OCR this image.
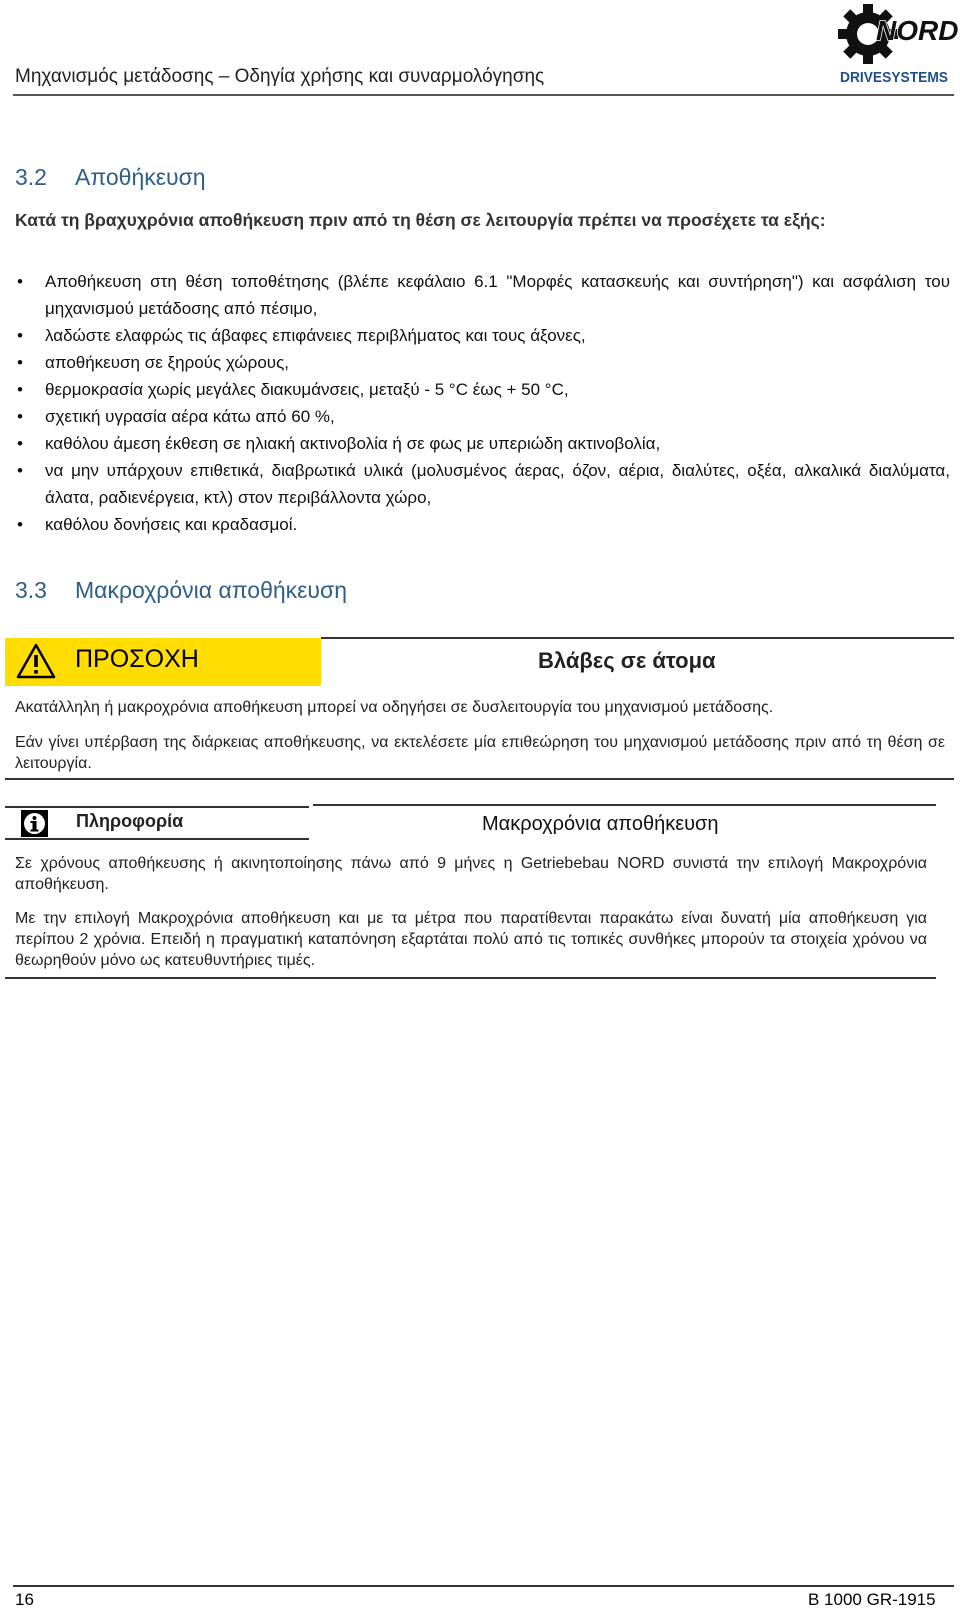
Μηχανισμός μετάδοσης – Οδηγία χρήσης και συναρμολόγησης
NORD
DRIVESYSTEMS
3.2 Αποθήκευση
Κατά τη βραχυχρόνια αποθήκευση πριν από τη θέση σε λειτουργία πρέπει να προσέχετε τα εξής:
• Αποθήκευση στη θέση τοποθέτησης (βλέπε κεφάλαιο 6.1 "Μορφές κατασκευής και συντήρηση") και ασφάλιση του μηχανισμού μετάδοσης από πέσιμο,
• λαδώστε ελαφρώς τις άβαφες επιφάνειες περιβλήματος και τους άξονες,
• αποθήκευση σε ξηρούς χώρους,
• θερμοκρασία χωρίς μεγάλες διακυμάνσεις, μεταξύ - 5 °C έως + 50 °C,
• σχετική υγρασία αέρα κάτω από 60 %,
• καθόλου άμεση έκθεση σε ηλιακή ακτινοβολία ή σε φως με υπεριώδη ακτινοβολία,
• να μην υπάρχουν επιθετικά, διαβρωτικά υλικά (μολυσμένος άερας, όζον, αέρια, διαλύτες, οξέα, αλκαλικά διαλύματα, άλατα, ραδιενέργεια, κτλ) στον περιβάλλοντα χώρο,
• καθόλου δονήσεις και κραδασμοί.
3.3 Μακροχρόνια αποθήκευση
ΠΡΟΣΟΧΗ	Βλάβες σε άτομα
Ακατάλληλη ή μακροχρόνια αποθήκευση μπορεί να οδηγήσει σε δυσλειτουργία του μηχανισμού μετάδοσης.
Εάν γίνει υπέρβαση της διάρκειας αποθήκευσης, να εκτελέσετε μία επιθεώρηση του μηχανισμού μετάδοσης πριν από τη θέση σε λειτουργία.
Πληροφορία	Μακροχρόνια αποθήκευση
Σε χρόνους αποθήκευσης ή ακινητοποίησης πάνω από 9 μήνες η Getriebebau NORD συνιστά την επιλογή Μακροχρόνια αποθήκευση.
Με την επιλογή Μακροχρόνια αποθήκευση και με τα μέτρα που παρατίθενται παρακάτω είναι δυνατή μία αποθήκευση για περίπου 2 χρόνια. Επειδή η πραγματική καταπόνηση εξαρτάται πολύ από τις τοπικές συνθήκες μπορούν τα στοιχεία χρόνου να θεωρηθούν μόνο ως κατευθυντήριες τιμές.
16	B 1000 GR-1915
